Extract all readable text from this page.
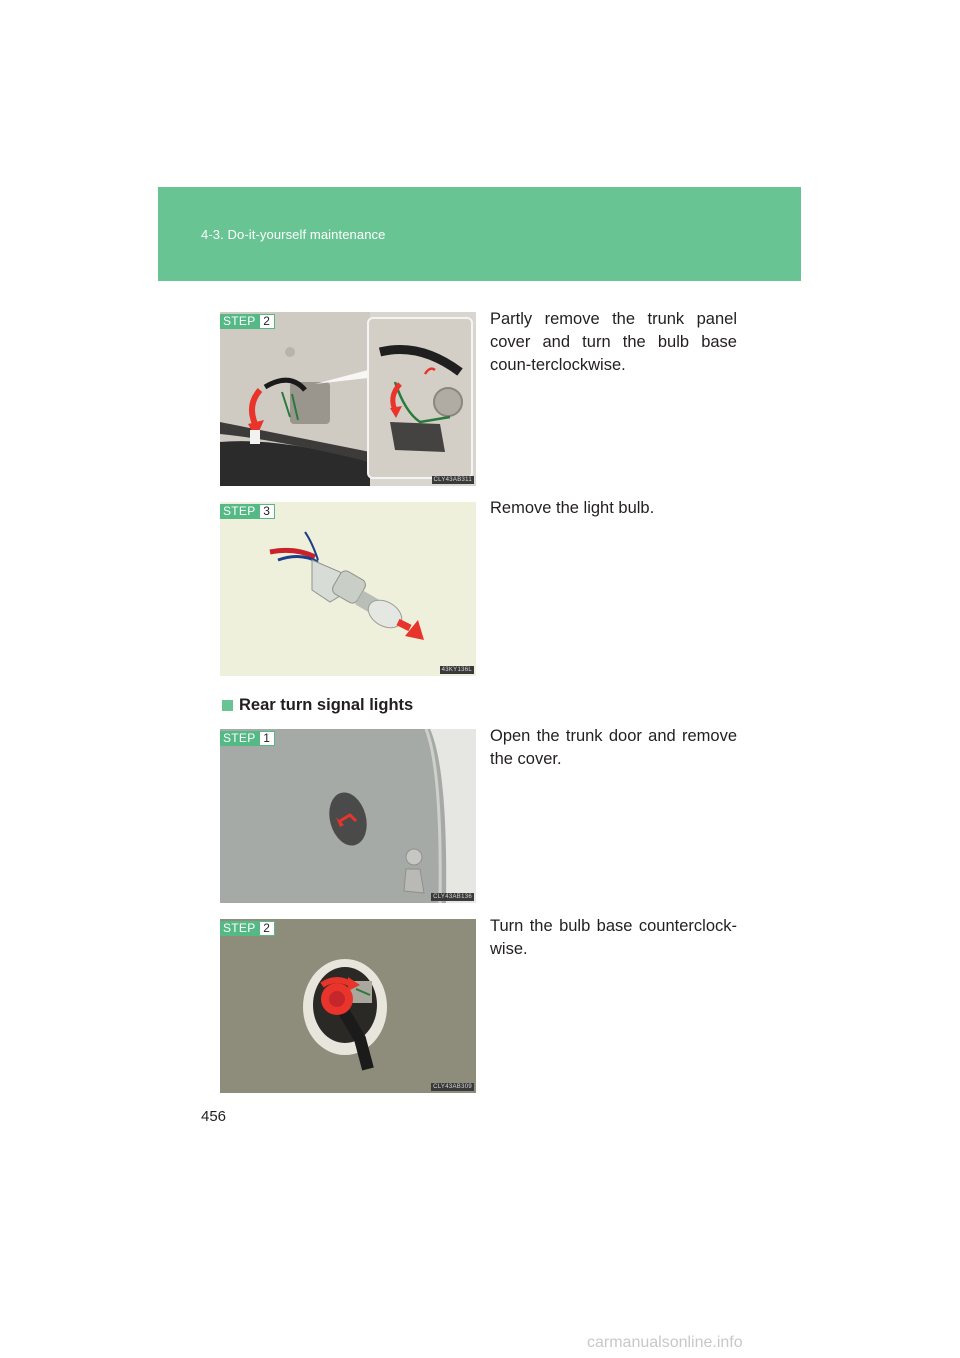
4-3. Do-it-yourself maintenance
STEP 2
CLY43AB311
Partly remove the trunk panel cover and turn the bulb base coun-terclockwise.
STEP 3
43KY136L
Remove the light bulb.
Rear turn signal lights
STEP 1
CLY43AB136
Open the trunk door and remove the cover.
STEP 2
CLY43AB309
Turn the bulb base counterclock-wise.
456
carmanualsonline.info
